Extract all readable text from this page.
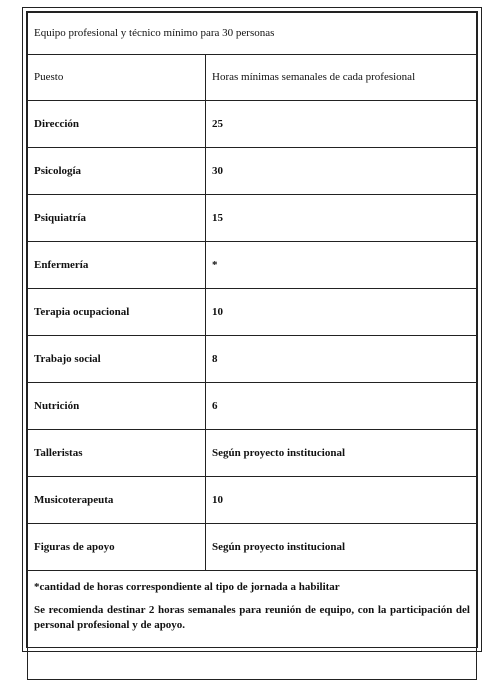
Equipo profesional y técnico mínimo para 30 personas	
Puesto	Horas mínimas semanales de cada profesional
Dirección	25
Psicología	30
Psiquiatría	15
Enfermería	*
Terapia ocupacional	10
Trabajo social	8
Nutrición	6
Talleristas	Según proyecto institucional
Musicoterapeuta	10
Figuras de apoyo	Según proyecto institucional

*cantidad de horas correspondiente al tipo de jornada a habilitar
Se recomienda destinar 2 horas semanales para reunión de equipo, con la participación del personal profesional y de apoyo.	
